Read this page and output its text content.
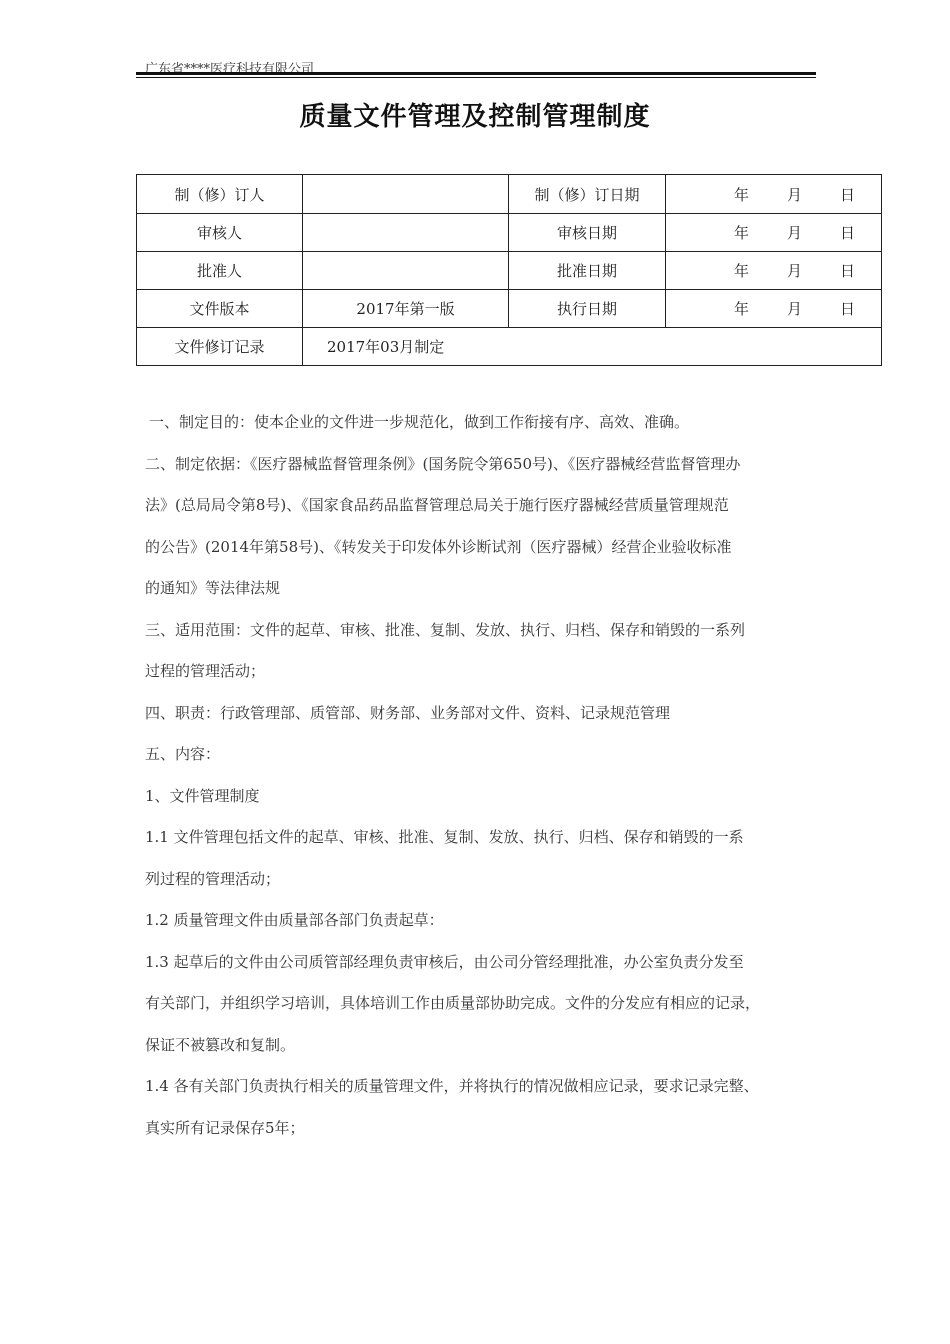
广东省****医疗科技有限公司
质量文件管理及控制管理制度
制（修）订人		制（修）订日期	年 月 日

审核人		审核日期	年 月 日

批准人		批准日期	年 月 日

文件版本	2017年第一版	执行日期	年 月 日

文件修订记录	2017年03月制定		

一、制定目的：使本企业的文件进一步规范化，做到工作衔接有序、高效、准确。

二、制定依据：《医疗器械监督管理条例》(国务院令第650号)、《医疗器械经营监督管理办

法》(总局局令第8号)、《国家食品药品监督管理总局关于施行医疗器械经营质量管理规范

的公告》(2014年第58号)、《转发关于印发体外诊断试剂（医疗器械）经营企业验收标准

的通知》等法律法规

三、适用范围：文件的起草、审核、批准、复制、发放、执行、归档、保存和销毁的一系列

过程的管理活动；

四、职责：行政管理部、质管部、财务部、业务部对文件、资料、记录规范管理

五、内容：

1、文件管理制度

1.1 文件管理包括文件的起草、审核、批准、复制、发放、执行、归档、保存和销毁的一系

列过程的管理活动；

1.2 质量管理文件由质量部各部门负责起草：

1.3 起草后的文件由公司质管部经理负责审核后，由公司分管经理批准，办公室负责分发至

有关部门，并组织学习培训，具体培训工作由质量部协助完成。文件的分发应有相应的记录，

保证不被篡改和复制。

1.4 各有关部门负责执行相关的质量管理文件，并将执行的情况做相应记录，要求记录完整、

真实所有记录保存5年；
